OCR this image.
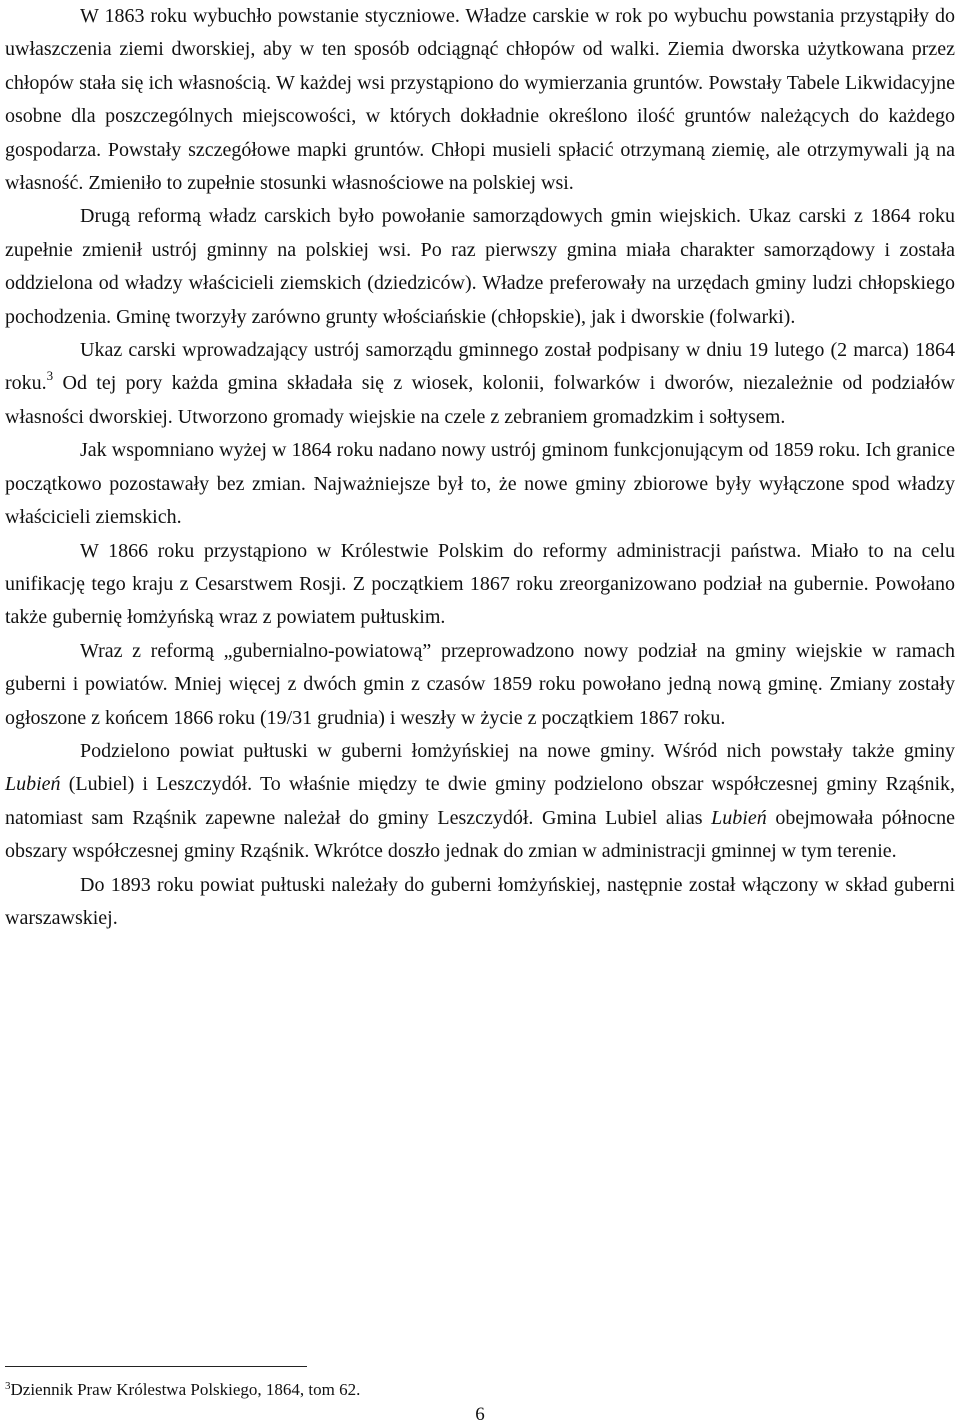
W 1863 roku wybuchło powstanie styczniowe. Władze carskie w rok po wybuchu powstania przystąpiły do uwłaszczenia ziemi dworskiej, aby w ten sposób odciągnąć chłopów od walki. Ziemia dworska użytkowana przez chłopów stała się ich własnością. W każdej wsi przystąpiono do wymierzania gruntów. Powstały Tabele Likwidacyjne osobne dla poszczególnych miejscowości, w których dokładnie określono ilość gruntów należących do każdego gospodarza. Powstały szczegółowe mapki gruntów. Chłopi musieli spłacić otrzymaną ziemię, ale otrzymywali ją na własność. Zmieniło to zupełnie stosunki własnościowe na polskiej wsi.

Drugą reformą władz carskich było powołanie samorządowych gmin wiejskich. Ukaz carski z 1864 roku zupełnie zmienił ustrój gminny na polskiej wsi. Po raz pierwszy gmina miała charakter samorządowy i została oddzielona od władzy właścicieli ziemskich (dziedziców). Władze preferowały na urzędach gminy ludzi chłopskiego pochodzenia. Gminę tworzyły zarówno grunty włościańskie (chłopskie), jak i dworskie (folwarki).

Ukaz carski wprowadzający ustrój samorządu gminnego został podpisany w dniu 19 lutego (2 marca) 1864 roku.$^3$ Od tej pory każda gmina składała się z wiosek, kolonii, folwarków i dworów, niezależnie od podziałów własności dworskiej. Utworzono gromady wiejskie na czele z zebraniem gromadzkim i sołtysem.

Jak wspomniano wyżej w 1864 roku nadano nowy ustrój gminom funkcjonującym od 1859 roku. Ich granice początkowo pozostawały bez zmian. Najważniejsze był to, że nowe gminy zbiorowe były wyłączone spod władzy właścicieli ziemskich.

W 1866 roku przystąpiono w Królestwie Polskim do reformy administracji państwa. Miało to na celu unifikację tego kraju z Cesarstwem Rosji. Z początkiem 1867 roku zreorganizowano podział na gubernie. Powołano także gubernię łomżyńską wraz z powiatem pułtuskim.

Wraz z reformą „gubernialno-powiatową” przeprowadzono nowy podział na gminy wiejskie w ramach guberni i powiatów. Mniej więcej z dwóch gmin z czasów 1859 roku powołano jedną nową gminę. Zmiany zostały ogłoszone z końcem 1866 roku (19/31 grudnia) i weszły w życie z początkiem 1867 roku.

Podzielono powiat pułtuski w guberni łomżyńskiej na nowe gminy. Wśród nich powstały także gminy Lubień (Lubiel) i Leszczydół. To właśnie między te dwie gminy podzielono obszar współczesnej gminy Rząśnik, natomiast sam Rząśnik zapewne należał do gminy Leszczydół. Gmina Lubiel alias Lubień obejmowała północne obszary współczesnej gminy Rząśnik. Wkrótce doszło jednak do zmian w administracji gminnej w tym terenie.

Do 1893 roku powiat pułtuski należały do guberni łomżyńskiej, następnie został włączony w skład guberni warszawskiej.

$^3$Dziennik Praw Królestwa Polskiego, 1864, tom 62.
6
